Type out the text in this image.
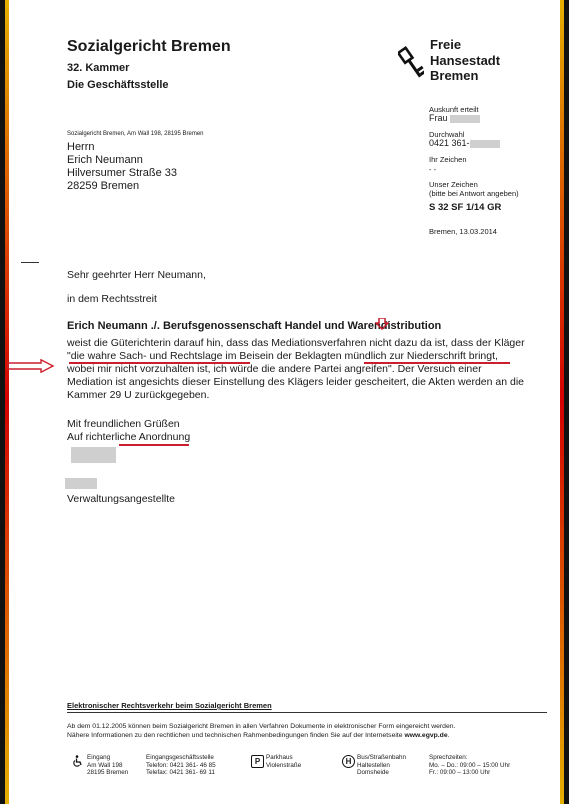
Sozialgericht Bremen
32. Kammer
Die Geschäftsstelle
Freie
Hansestadt
Bremen
Sozialgericht Bremen, Am Wall 198, 28195 Bremen
Herrn
Erich Neumann
Hilversumer Straße 33
28259 Bremen
Auskunft erteilt
Frau
Durchwahl
0421 361-
Ihr Zeichen
- -
Unser Zeichen
(bitte bei Antwort angeben)
S 32 SF 1/14 GR
Bremen, 13.03.2014
Sehr geehrter Herr Neumann,
in dem Rechtsstreit
Erich Neumann ./. Berufsgenossenschaft Handel und Warendistribution
weist die Güterichterin darauf hin, dass das Mediationsverfahren nicht dazu da ist, dass der Kläger
"die wahre Sach- und Rechtslage im Beisein der Beklagten mündlich zur Niederschrift bringt,
wobei mir nicht vorzuhalten ist, ich würde die andere Partei angreifen". Der Versuch einer
Mediation ist angesichts dieser Einstellung des Klägers leider gescheitert, die Akten werden an die
Kammer 29 U zurückgegeben.
Mit freundlichen Grüßen
Auf richterliche Anordnung
Verwaltungsangestellte
Elektronischer Rechtsverkehr beim Sozialgericht Bremen
Ab dem 01.12.2005 können beim Sozialgericht Bremen in allen Verfahren Dokumente in elektronischer Form eingereicht werden.
Nähere Informationen zu den rechtlichen und technischen Rahmenbedingungen finden Sie auf der Internetseite www.egvp.de.
Eingang
Am Wall 198
28195 Bremen
Eingangsgeschäftsstelle
Telefon: 0421 361- 46 85
Telefax: 0421 361- 69 11
P Parkhaus
Violenstraße	H Bus/Straßenbahn
Haltestellen
Domsheide
Sprechzeiten:
Mo. – Do.: 09:00 – 15:00 Uhr
Fr.: 09:00 – 13:00 Uhr
